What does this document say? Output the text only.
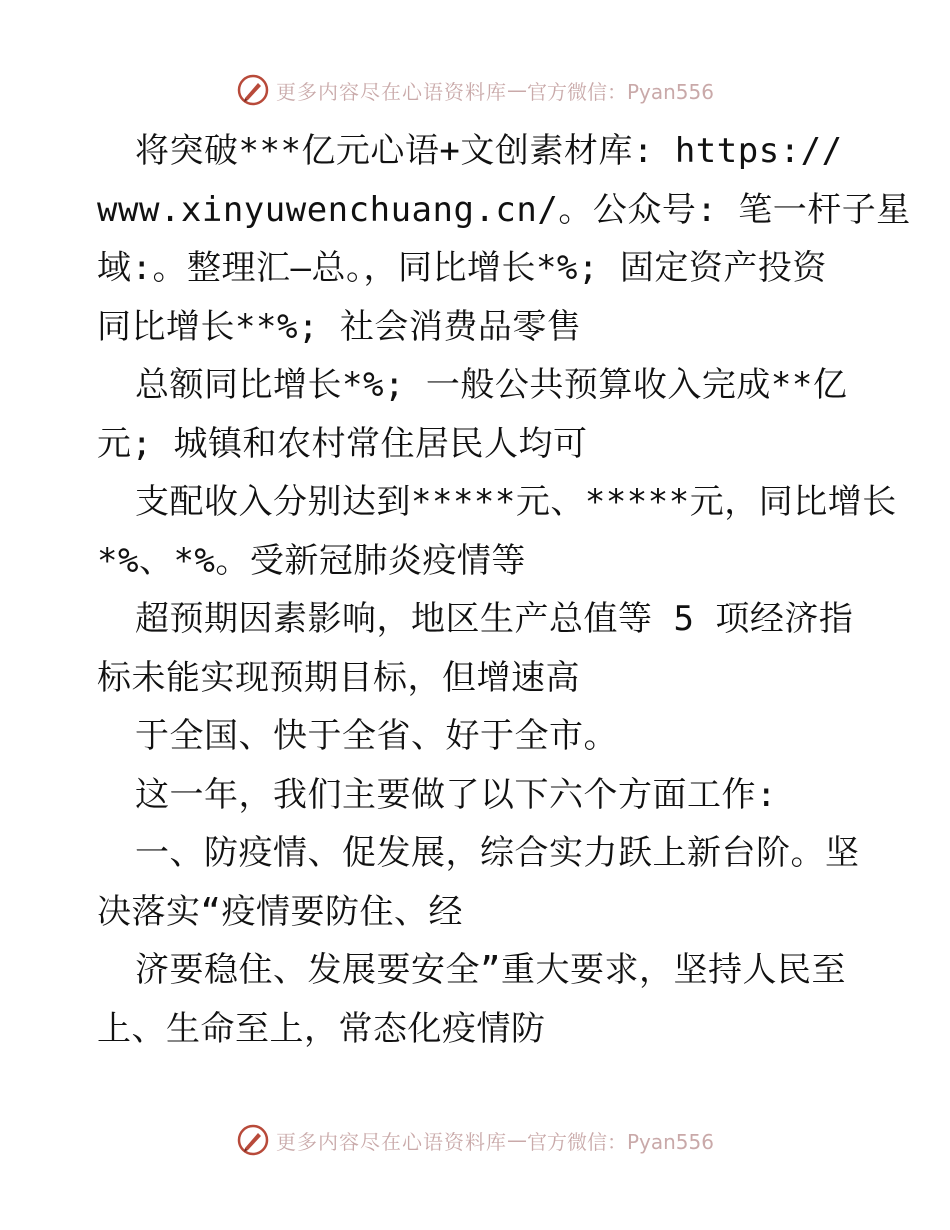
更多内容尽在心语资料库 — 官方微信：Pyan556
将突破***亿元心语+文创素材库: https://
www.xinyuwenchuang.cn/。公众号: 笔一杆子星
域:。整理汇—总。，同比增长*%; 固定资产投资
同比增长**%; 社会消费品零售
总额同比增长*%; 一般公共预算收入完成**亿
元; 城镇和农村常住居民人均可
支配收入分别达到*****元、*****元，同比增长
*%、*%。受新冠肺炎疫情等
超预期因素影响，地区生产总值等 5 项经济指
标未能实现预期目标，但增速高
于全国、快于全省、好于全市。
这一年，我们主要做了以下六个方面工作:
一、防疫情、促发展，综合实力跃上新台阶。坚
决落实“疫情要防住、经
济要稳住、发展要安全”重大要求，坚持人民至
上、生命至上，常态化疫情防
更多内容尽在心语资料库 — 官方微信：Pyan556
